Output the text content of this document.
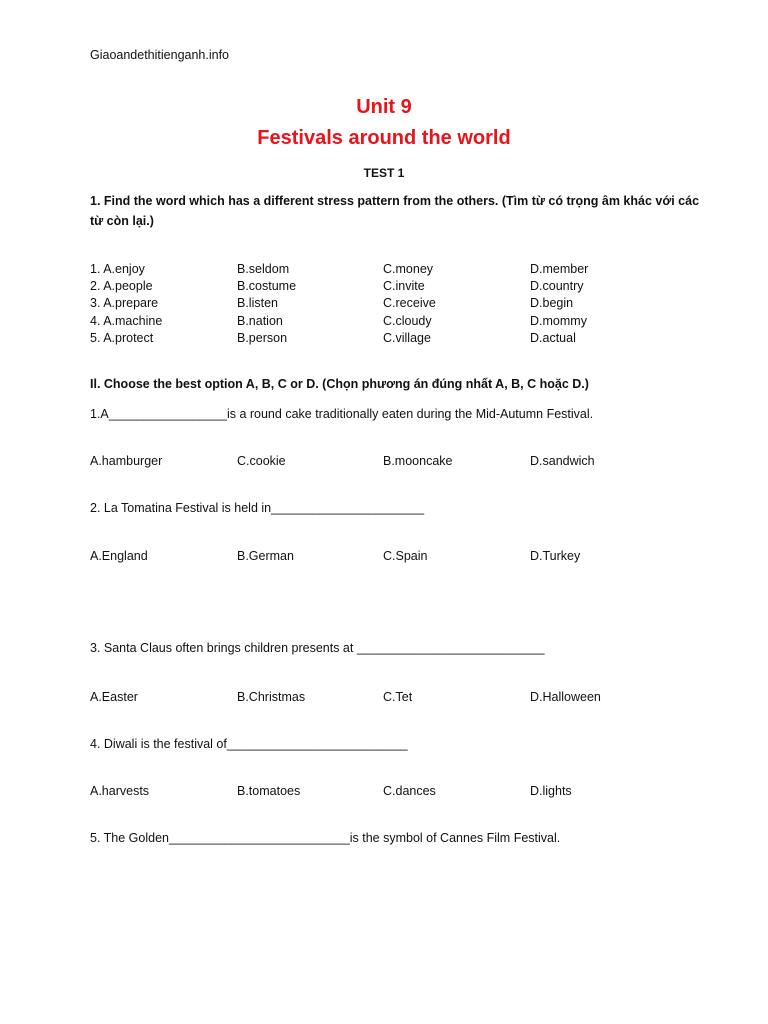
Giaoandethitienganh.info
Unit 9
Festivals around the world
TEST 1
1. Find the word which has a different stress pattern from the others. (Tìm từ có trọng âm khác với các
từ còn lại.)
1. A.enjoy	B.seldom	C.money	D.member
2. A.people	B.costume	C.invite	D.country
3. A.prepare	B.listen	C.receive	D.begin
4. A.machine	B.nation	C.cloudy	D.mommy
5. A.protect	B.person	C.village	D.actual
Il. Choose the best option A, B, C or D. (Chọn phương án đúng nhất A, B, C hoặc D.)
1.A_________________is a round cake traditionally eaten during the Mid-Autumn Festival.
A.hamburger	C.cookie	B.mooncake	D.sandwich
2. La Tomatina Festival is held in______________________
A.England	B.German	C.Spain	D.Turkey
3. Santa Claus often brings children presents at ___________________________
A.Easter	B.Christmas	C.Tet	D.Halloween
4. Diwali is the festival of__________________________
A.harvests	B.tomatoes	C.dances	D.lights
5. The Golden__________________________is the symbol of Cannes Film Festival.
